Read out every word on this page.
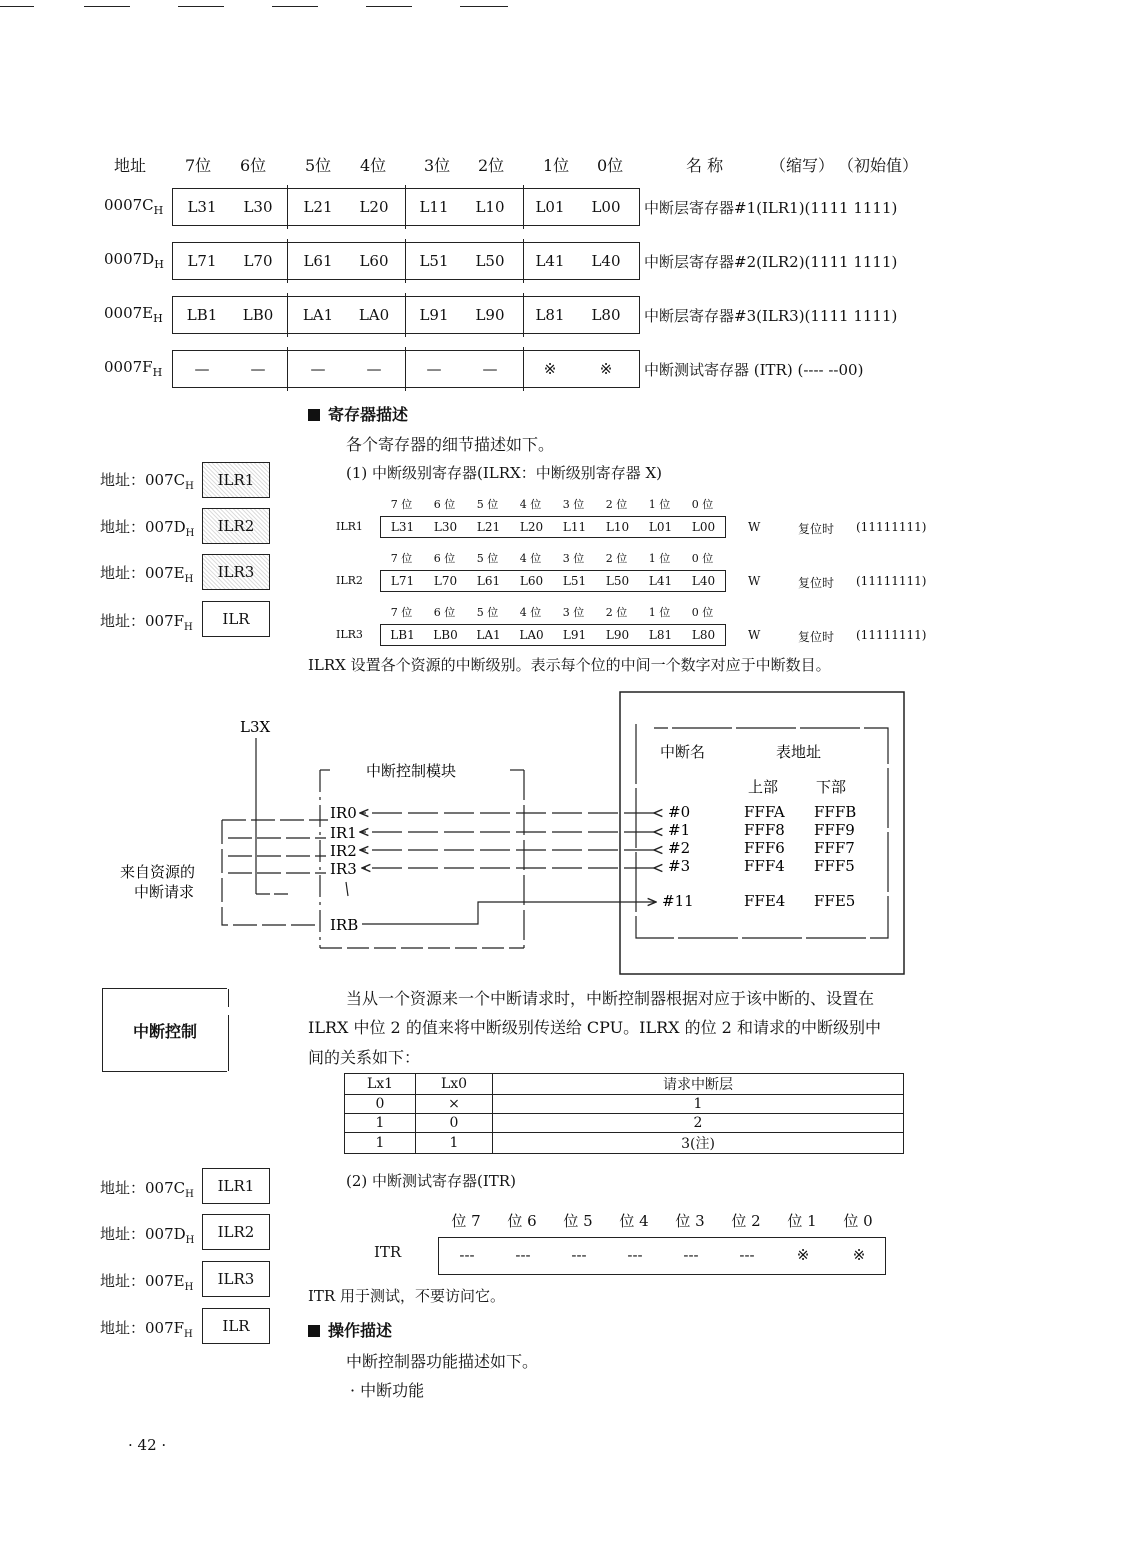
地址 7位 6位 5位 4位 3位 2位 1位 0位	名 称	（缩写） （初始值）
$0007C_H$	L31	L30	L21	L20	L11	L10	L01	L00	中断层寄存器#1(ILR1)(1111 1111)
$0007D_H$	L71	L70	L61	L60	L51	L50	L41	L40	中断层寄存器#2(ILR2)(1111 1111)
$0007E_H$	LB1	LB0	LA1	LA0	L91	L90	L81	L80	中断层寄存器#3(ILR3)(1111 1111)
$0007F_H$	—	—	—	—	—	—	※	※	中断测试寄存器 (ITR) (---- --00)
寄存器描述
各个寄存器的细节描述如下。
(1) 中断级别寄存器(ILRX：中断级别寄存器 X)
地址：$007C_H$	ILR1
地址：$007D_H$	ILR2
地址：$007E_H$	ILR3
地址：$007F_H$	ILR
7 位	6 位	5 位	4 位	3 位	2 位	1 位	0 位
ILR1	L31	L30	L21	L20	L11	L10	L01	L00	W	复位时 (11111111)
7 位	6 位	5 位	4 位	3 位	2 位	1 位	0 位
ILR2	L71	L70	L61	L60	L51	L50	L41	L40	W	复位时 (11111111)
7 位	6 位	5 位	4 位	3 位	2 位	1 位	0 位
ILR3	LB1	LB0	LA1	LA0	L91	L90	L81	L80	W	复位时 (11111111)
ILRX 设置各个资源的中断级别。表示每个位的中间一个数字对应于中断数目。
L3X
中断控制模块
来自资源的
中断请求
IR0
IR1
IR2
IR3
IRB
中断名	表地址
上部	下部
#0	FFFA FFFB
#1	FFF8 FFF9
#2	FFF6 FFF7
#3	FFF4 FFF5
#11	FFE4 FFE5
中断控制
当从一个资源来一个中断请求时，中断控制器根据对应于该中断的、设置在
ILRX 中位 2 的值来将中断级别传送给 CPU。ILRX 的位 2 和请求的中断级别中
间的关系如下：
Lx1	Lx0	请求中断层
0	×	1
1	0	2
1	1	3(注)
地址：$007C_H$	ILR1
地址：$007D_H$	ILR2
地址：$007E_H$	ILR3
地址：$007F_H$	ILR
(2) 中断测试寄存器(ITR)
位 7	位 6	位 5	位 4	位 3	位 2	位 1	位 0
ITR	---	---	---	---	---	---	※	※
ITR 用于测试，不要访问它。
操作描述
中断控制器功能描述如下。
· 中断功能
· 42 ·
